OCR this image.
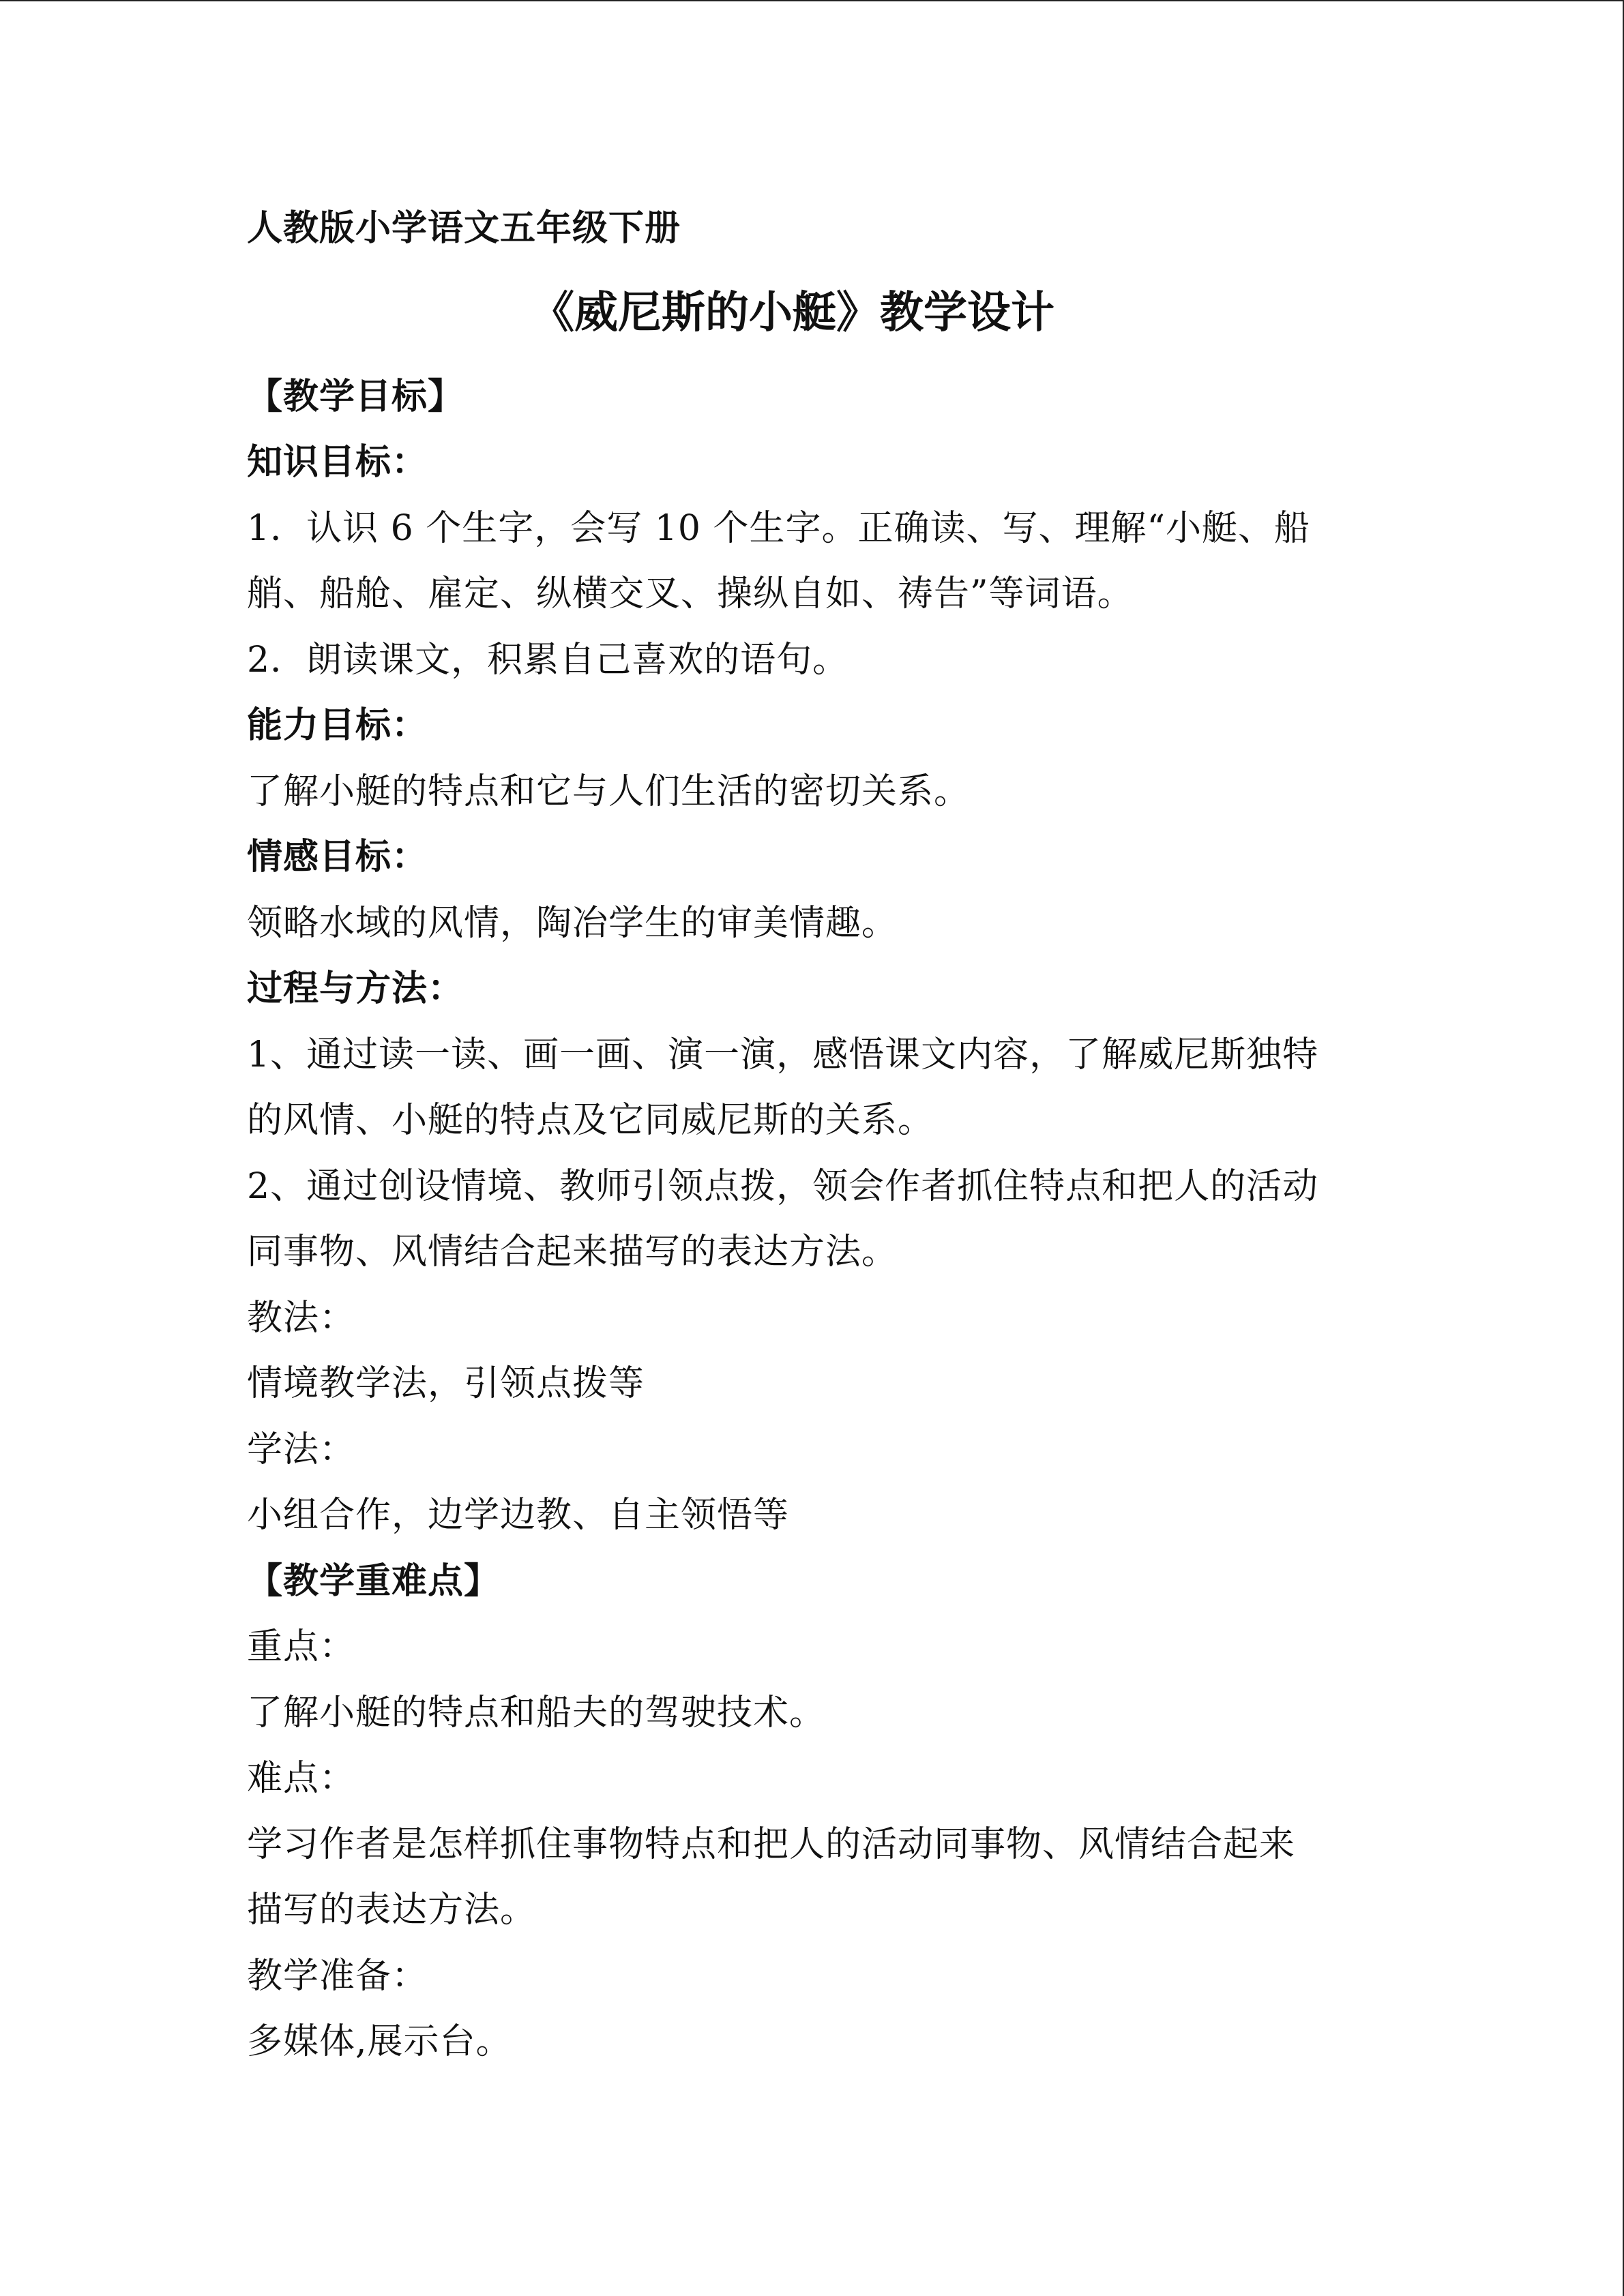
人教版小学语文五年级下册
《威尼斯的小艇》教学设计
【教学目标】
知识目标：
1．认识 6 个生字，会写 10 个生字。正确读、写、理解“小艇、船
艄、船舱、雇定、纵横交叉、操纵自如、祷告”等词语。
2．朗读课文，积累自己喜欢的语句。
能力目标：
了解小艇的特点和它与人们生活的密切关系。
情感目标：
领略水域的风情，陶冶学生的审美情趣。
过程与方法：
1、通过读一读、画一画、演一演，感悟课文内容，了解威尼斯独特
的风情、小艇的特点及它同威尼斯的关系。
2、通过创设情境、教师引领点拨，领会作者抓住特点和把人的活动
同事物、风情结合起来描写的表达方法。
教法：
情境教学法，引领点拨等
学法：
小组合作，边学边教、自主领悟等
【教学重难点】
重点：
了解小艇的特点和船夫的驾驶技术。
难点：
学习作者是怎样抓住事物特点和把人的活动同事物、风情结合起来
描写的表达方法。
教学准备：
多媒体,展示台。
